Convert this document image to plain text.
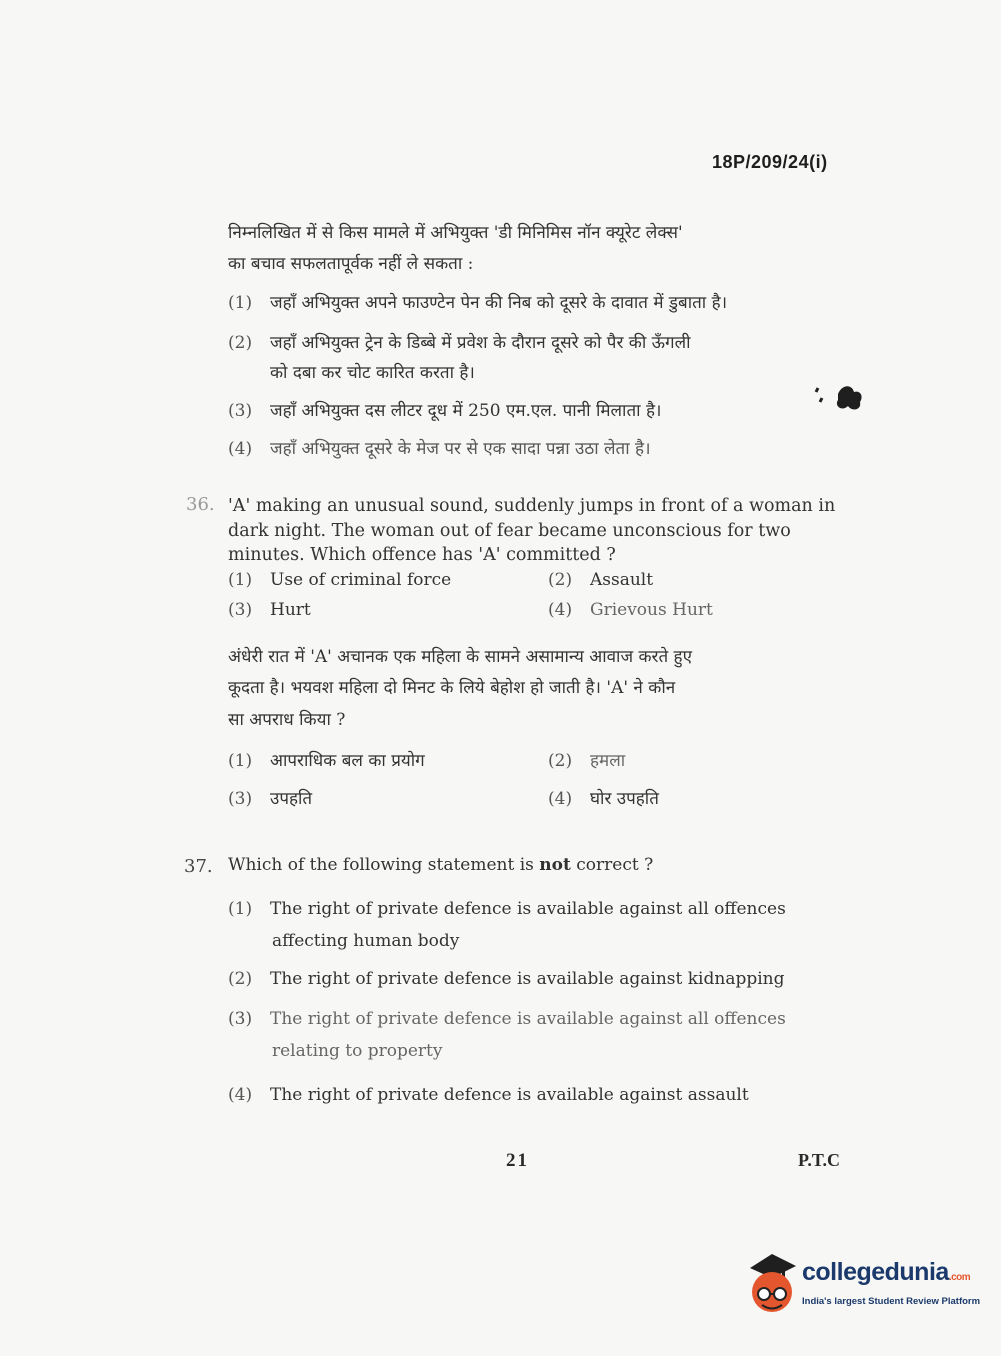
18P/209/24(i)
निम्नलिखित में से किस मामले में अभियुक्त 'डी मिनिमिस नॉन क्यूरेट लेक्स'
का बचाव सफलतापूर्वक नहीं ले सकता :
(1) जहाँ अभियुक्त अपने फाउण्टेन पेन की निब को दूसरे के दावात में डुबाता है।
(2) जहाँ अभियुक्त ट्रेन के डिब्बे में प्रवेश के दौरान दूसरे को पैर की ऊँगली
को दबा कर चोट कारित करता है।
(3) जहाँ अभियुक्त दस लीटर दूध में 250 एम.एल. पानी मिलाता है।
(4) जहाँ अभियुक्त दूसरे के मेज पर से एक सादा पन्ना उठा लेता है।
36. 'A' making an unusual sound, suddenly jumps in front of a woman in
dark night. The woman out of fear became unconscious for two
minutes. Which offence has 'A' committed ?
(1) Use of criminal force	(2) Assault
(3) Hurt	(4) Grievous Hurt
अंधेरी रात में 'A' अचानक एक महिला के सामने असामान्य आवाज करते हुए
कूदता है। भयवश महिला दो मिनट के लिये बेहोश हो जाती है। 'A' ने कौन
सा अपराध किया ?
(1) आपराधिक बल का प्रयोग	(2) हमला
(3) उपहति	(4) घोर उपहति
37. Which of the following statement is not correct ?
(1) The right of private defence is available against all offences
affecting human body
(2) The right of private defence is available against kidnapping
(3) The right of private defence is available against all offences
relating to property
(4) The right of private defence is available against assault
21	P.T.C
collegedunia.com
India's largest Student Review Platform
